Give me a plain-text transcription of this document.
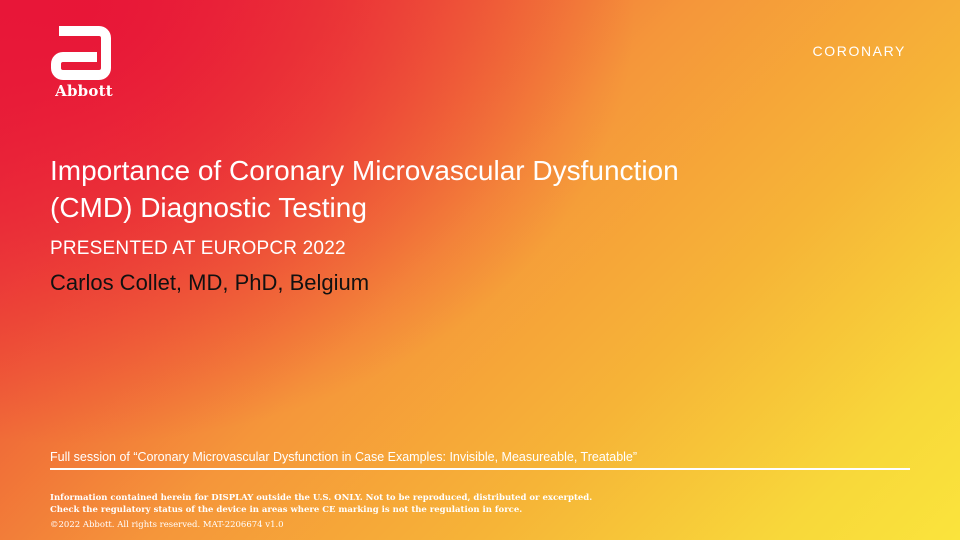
Abbott
CORONARY
Importance of Coronary Microvascular Dysfunction
(CMD) Diagnostic Testing
PRESENTED AT EUROPCR 2022
Carlos Collet, MD, PhD, Belgium
Full session of “Coronary Microvascular Dysfunction in Case Examples: Invisible, Measureable, Treatable”
Information contained herein for DISPLAY outside the U.S. ONLY. Not to be reproduced, distributed or excerpted.
Check the regulatory status of the device in areas where CE marking is not the regulation in force.
©2022 Abbott. All rights reserved. MAT-2206674 v1.0
